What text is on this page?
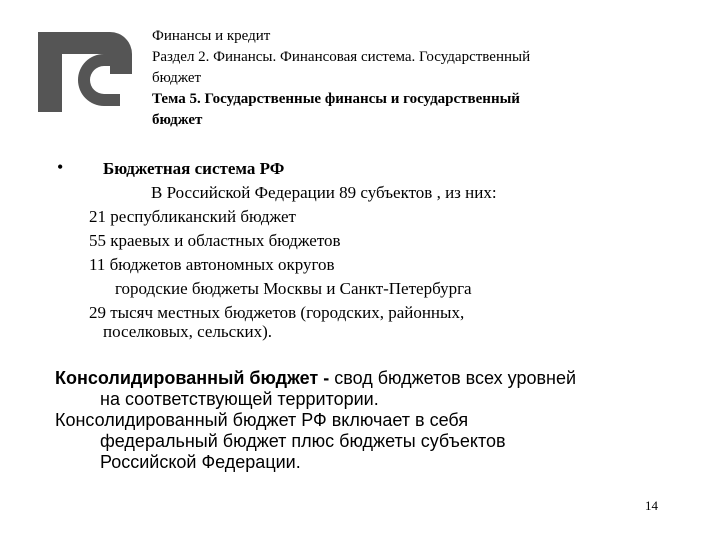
Финансы и кредит
Раздел 2. Финансы. Финансовая система. Государственный
бюджет
Тема 5. Государственные финансы и государственный
бюджет
• Бюджетная система РФ
В Российской Федерации 89 субъектов , из них:
21 республиканский бюджет
55 краевых и областных бюджетов
11 бюджетов автономных округов
городские бюджеты Москвы и Санкт-Петербурга
29 тысяч местных бюджетов (городских, районных,
поселковых, сельских).
Консолидированный бюджет - свод бюджетов всех уровней
на соответствующей территории.
Консолидированный бюджет РФ включает в себя
федеральный бюджет плюс бюджеты субъектов
Российской Федерации.
14
